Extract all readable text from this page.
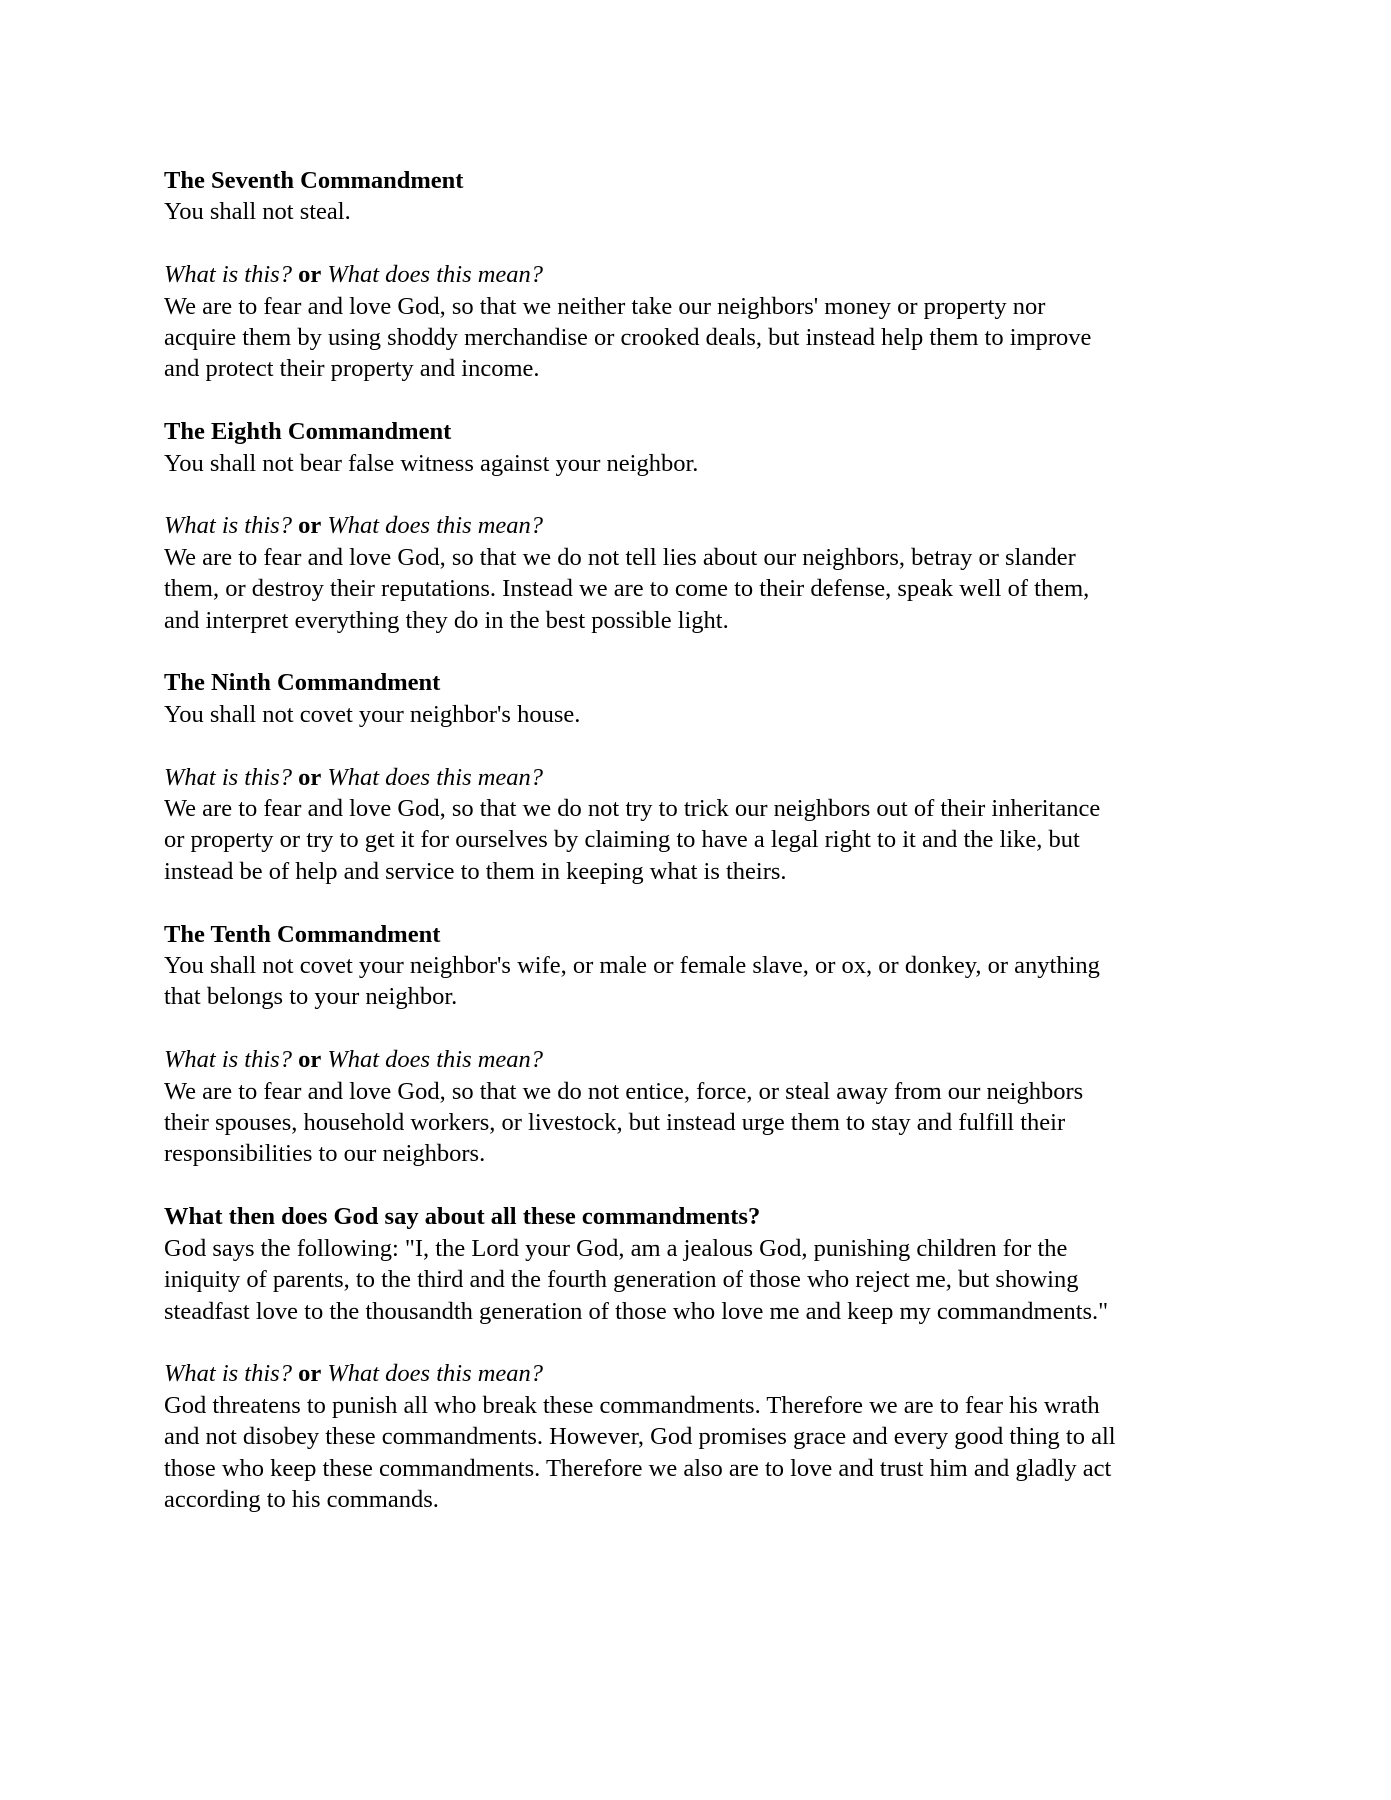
The Seventh Commandment
You shall not steal.
What is this? or What does this mean?
We are to fear and love God, so that we neither take our neighbors' money or property nor
acquire them by using shoddy merchandise or crooked deals, but instead help them to improve
and protect their property and income.
The Eighth Commandment
You shall not bear false witness against your neighbor.
What is this? or What does this mean?
We are to fear and love God, so that we do not tell lies about our neighbors, betray or slander
them, or destroy their reputations. Instead we are to come to their defense, speak well of them,
and interpret everything they do in the best possible light.
The Ninth Commandment
You shall not covet your neighbor's house.
What is this? or What does this mean?
We are to fear and love God, so that we do not try to trick our neighbors out of their inheritance
or property or try to get it for ourselves by claiming to have a legal right to it and the like, but
instead be of help and service to them in keeping what is theirs.
The Tenth Commandment
You shall not covet your neighbor's wife, or male or female slave, or ox, or donkey, or anything
that belongs to your neighbor.
What is this? or What does this mean?
We are to fear and love God, so that we do not entice, force, or steal away from our neighbors
their spouses, household workers, or livestock, but instead urge them to stay and fulfill their
responsibilities to our neighbors.
What then does God say about all these commandments?
God says the following: "I, the Lord your God, am a jealous God, punishing children for the
iniquity of parents, to the third and the fourth generation of those who reject me, but showing
steadfast love to the thousandth generation of those who love me and keep my commandments."
What is this? or What does this mean?
God threatens to punish all who break these commandments. Therefore we are to fear his wrath
and not disobey these commandments. However, God promises grace and every good thing to all
those who keep these commandments. Therefore we also are to love and trust him and gladly act
according to his commands.
